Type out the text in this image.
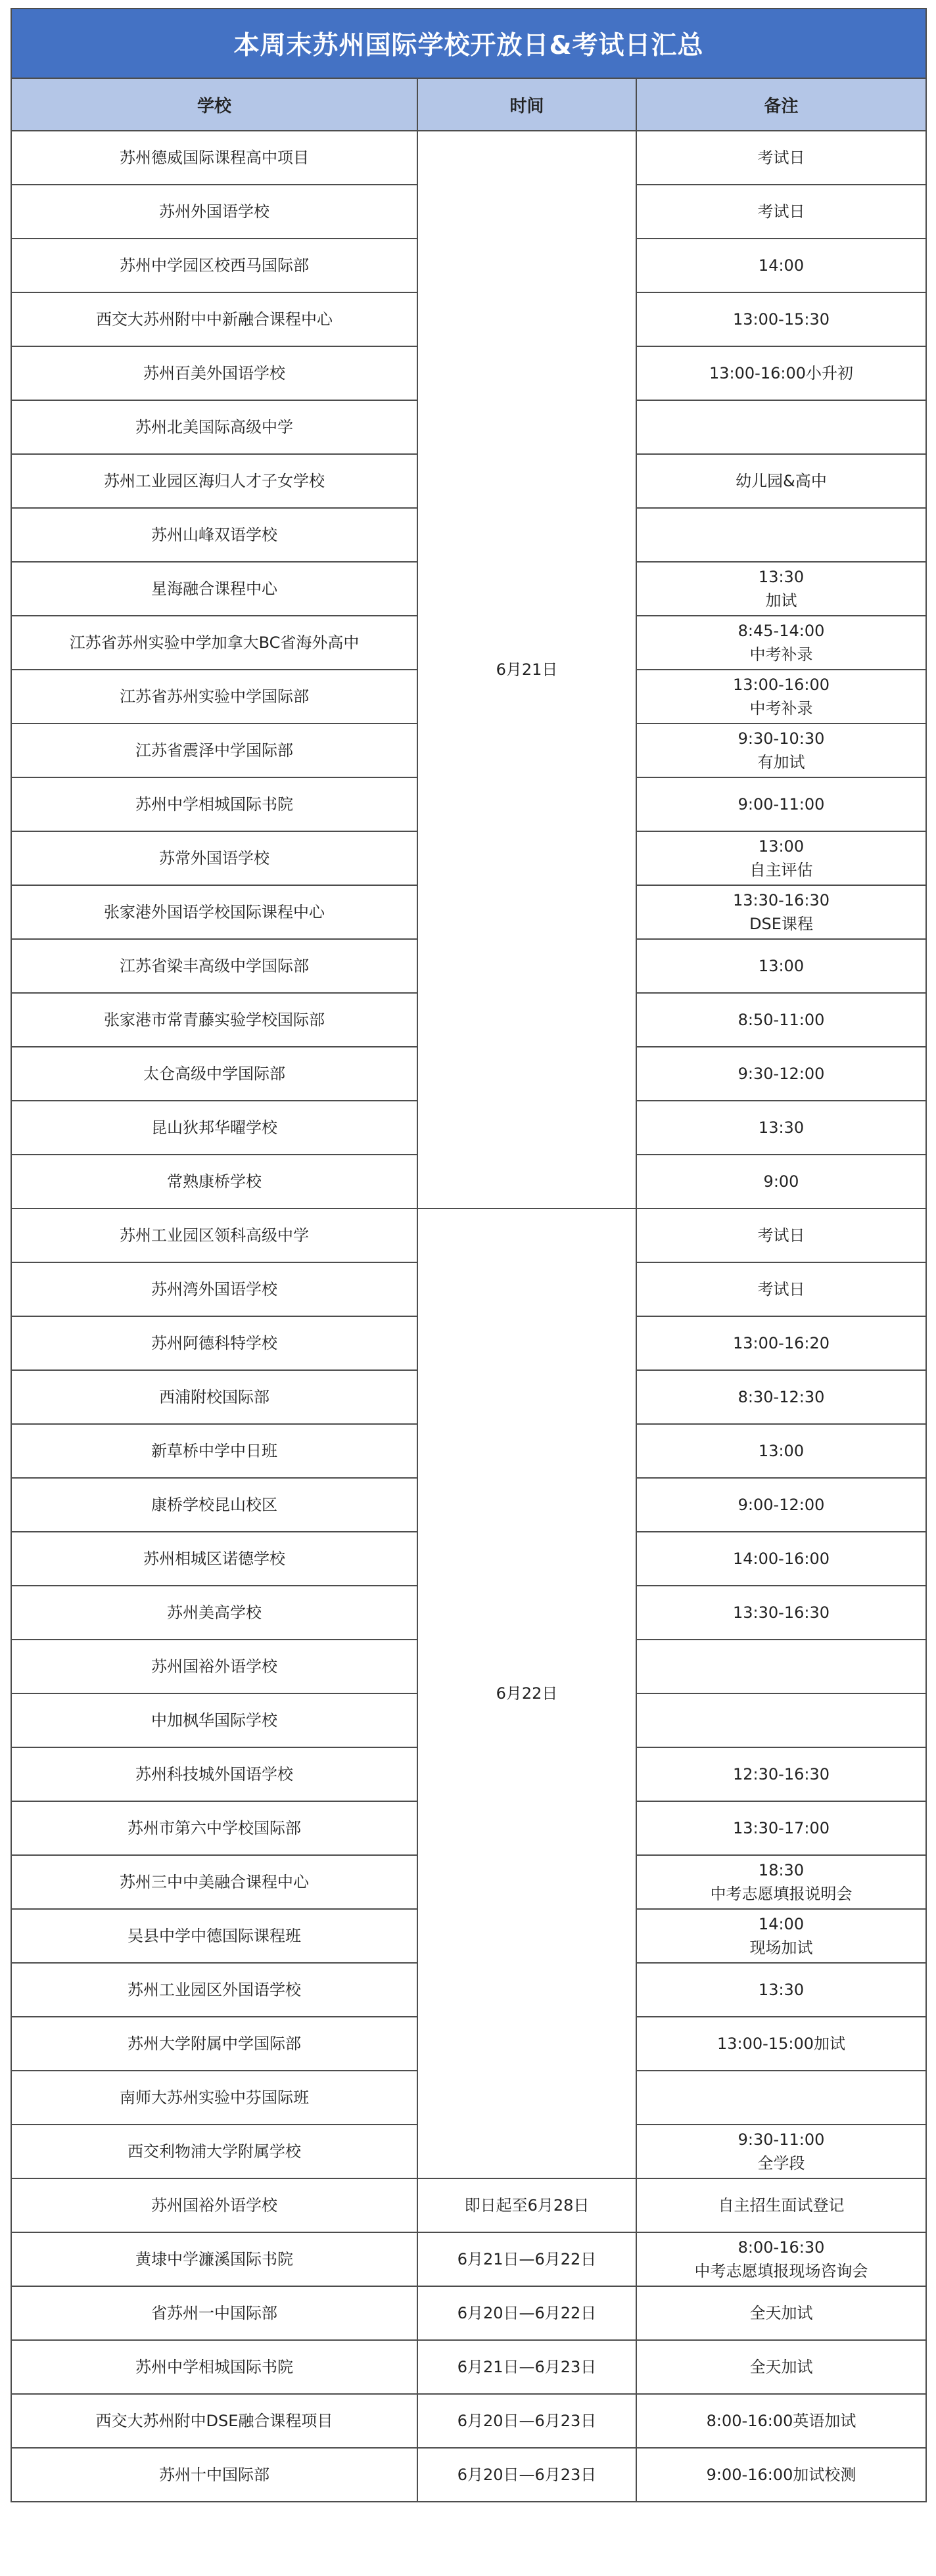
本周末苏州国际学校开放日&考试日汇总		
学校	时间	备注
苏州德威国际课程高中项目	6月21日	考试日

苏州外国语学校		考试日

苏州中学园区校西马国际部		14:00

西交大苏州附中中新融合课程中心		13:00-15:30

苏州百美外国语学校		13:00-16:00小升初

苏州北美国际高级中学		
苏州工业园区海归人才子女学校		幼儿园&高中

苏州山峰双语学校		
星海融合课程中心		13:30
加试

江苏省苏州实验中学加拿大BC省海外高中		8:45-14:00
中考补录

江苏省苏州实验中学国际部		13:00-16:00
中考补录

江苏省震泽中学国际部		9:30-10:30
有加试

苏州中学相城国际书院		9:00-11:00

苏常外国语学校		13:00
自主评估

张家港外国语学校国际课程中心		13:30-16:30
DSE课程

江苏省梁丰高级中学国际部		13:00

张家港市常青藤实验学校国际部		8:50-11:00

太仓高级中学国际部		9:30-12:00

昆山狄邦华曜学校		13:30

常熟康桥学校		9:00

苏州工业园区领科高级中学	6月22日	考试日

苏州湾外国语学校		考试日

苏州阿德科特学校		13:00-16:20

西浦附校国际部		8:30-12:30

新草桥中学中日班		13:00

康桥学校昆山校区		9:00-12:00

苏州相城区诺德学校		14:00-16:00

苏州美高学校		13:30-16:30

苏州国裕外语学校		
中加枫华国际学校		
苏州科技城外国语学校		12:30-16:30

苏州市第六中学校国际部		13:30-17:00

苏州三中中美融合课程中心		18:30
中考志愿填报说明会

吴县中学中德国际课程班		14:00
现场加试

苏州工业园区外国语学校		13:30

苏州大学附属中学国际部		13:00-15:00加试

南师大苏州实验中芬国际班		
西交利物浦大学附属学校		9:30-11:00
全学段

苏州国裕外语学校	即日起至6月28日	自主招生面试登记

黄埭中学濂溪国际书院	6月21日—6月22日	8:00-16:30
中考志愿填报现场咨询会

省苏州一中国际部	6月20日—6月22日	全天加试

苏州中学相城国际书院	6月21日—6月23日	全天加试

西交大苏州附中DSE融合课程项目	6月20日—6月23日	8:00-16:00英语加试

苏州十中国际部	6月20日—6月23日	9:00-16:00加试校测
